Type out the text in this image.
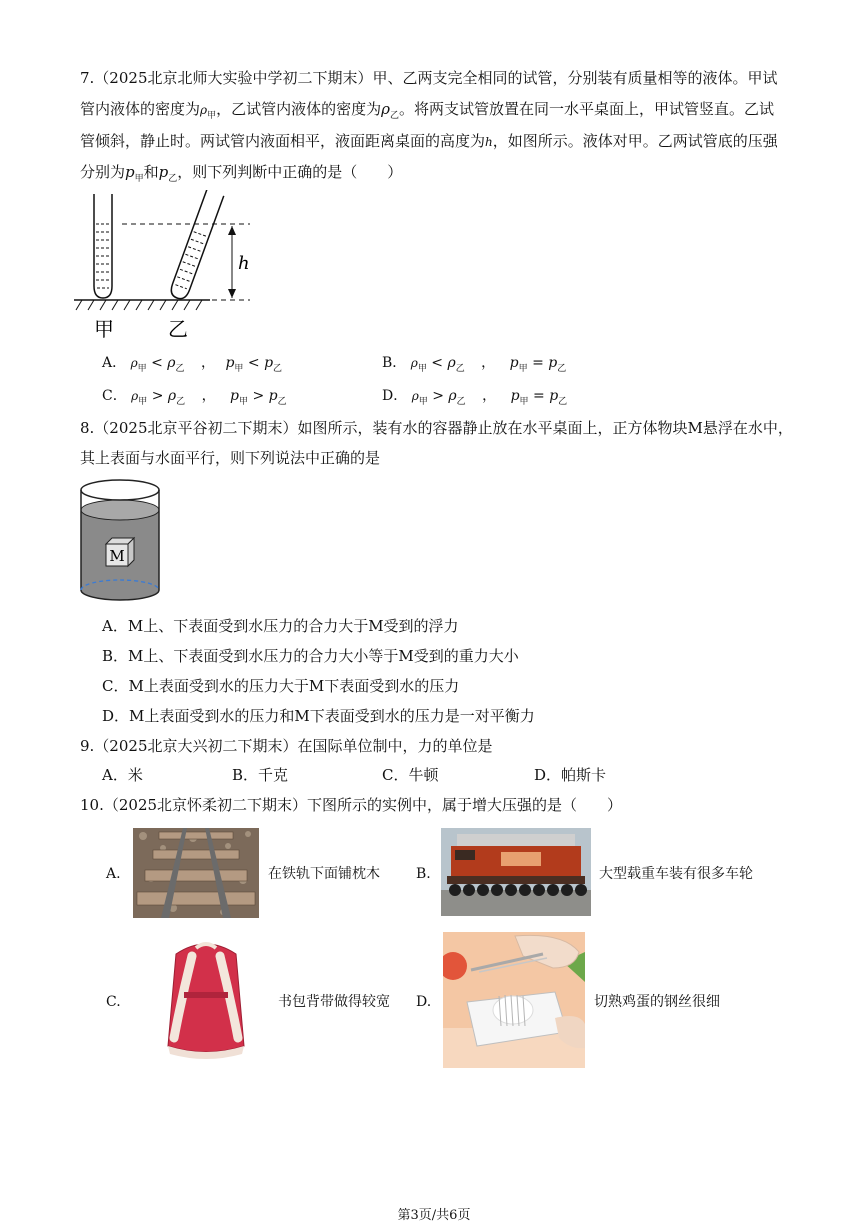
7.（2025北京北师大实验中学初二下期末）甲、乙两支完全相同的试管，分别装有质量相等的液体。甲试
管内液体的密度为$\rho_甲$，乙试管内液体的密度为$\rho_乙$。将两支试管放置在同一水平桌面上，甲试管竖直。乙试
管倾斜，静止时。两试管内液面相平，液面距离桌面的高度为h，如图所示。液体对甲。乙两试管底的压强
分别为$p_甲$和$p_乙$，则下列判断中正确的是（　　）
h
甲	乙
A． $\rho_甲 < \rho_乙$ ， $p_甲 < p_乙$	B． $\rho_甲 < \rho_乙$ ， $p_甲 = p_乙$
C． $\rho_甲 > \rho_乙$ ， $p_甲 > p_乙$	D． $\rho_甲 > \rho_乙$ ， $p_甲 = p_乙$
8.（2025北京平谷初二下期末）如图所示，装有水的容器静止放在水平桌面上，正方体物块M悬浮在水中，
其上表面与水面平行，则下列说法中正确的是
M
A．M上、下表面受到水压力的合力大于M受到的浮力
B．M上、下表面受到水压力的合力大小等于M受到的重力大小
C．M上表面受到水的压力大于M下表面受到水的压力
D．M上表面受到水的压力和M下表面受到水的压力是一对平衡力
9.（2025北京大兴初二下期末）在国际单位制中，力的单位是
A．米	B．千克	C．牛顿	D．帕斯卡
10.（2025北京怀柔初二下期末）下图所示的实例中，属于增大压强的是（　　）
A.	在铁轨下面铺枕木	B.	大型载重车装有很多车轮
C.	书包背带做得较宽 D.	切熟鸡蛋的钢丝很细
第3页/共6页
